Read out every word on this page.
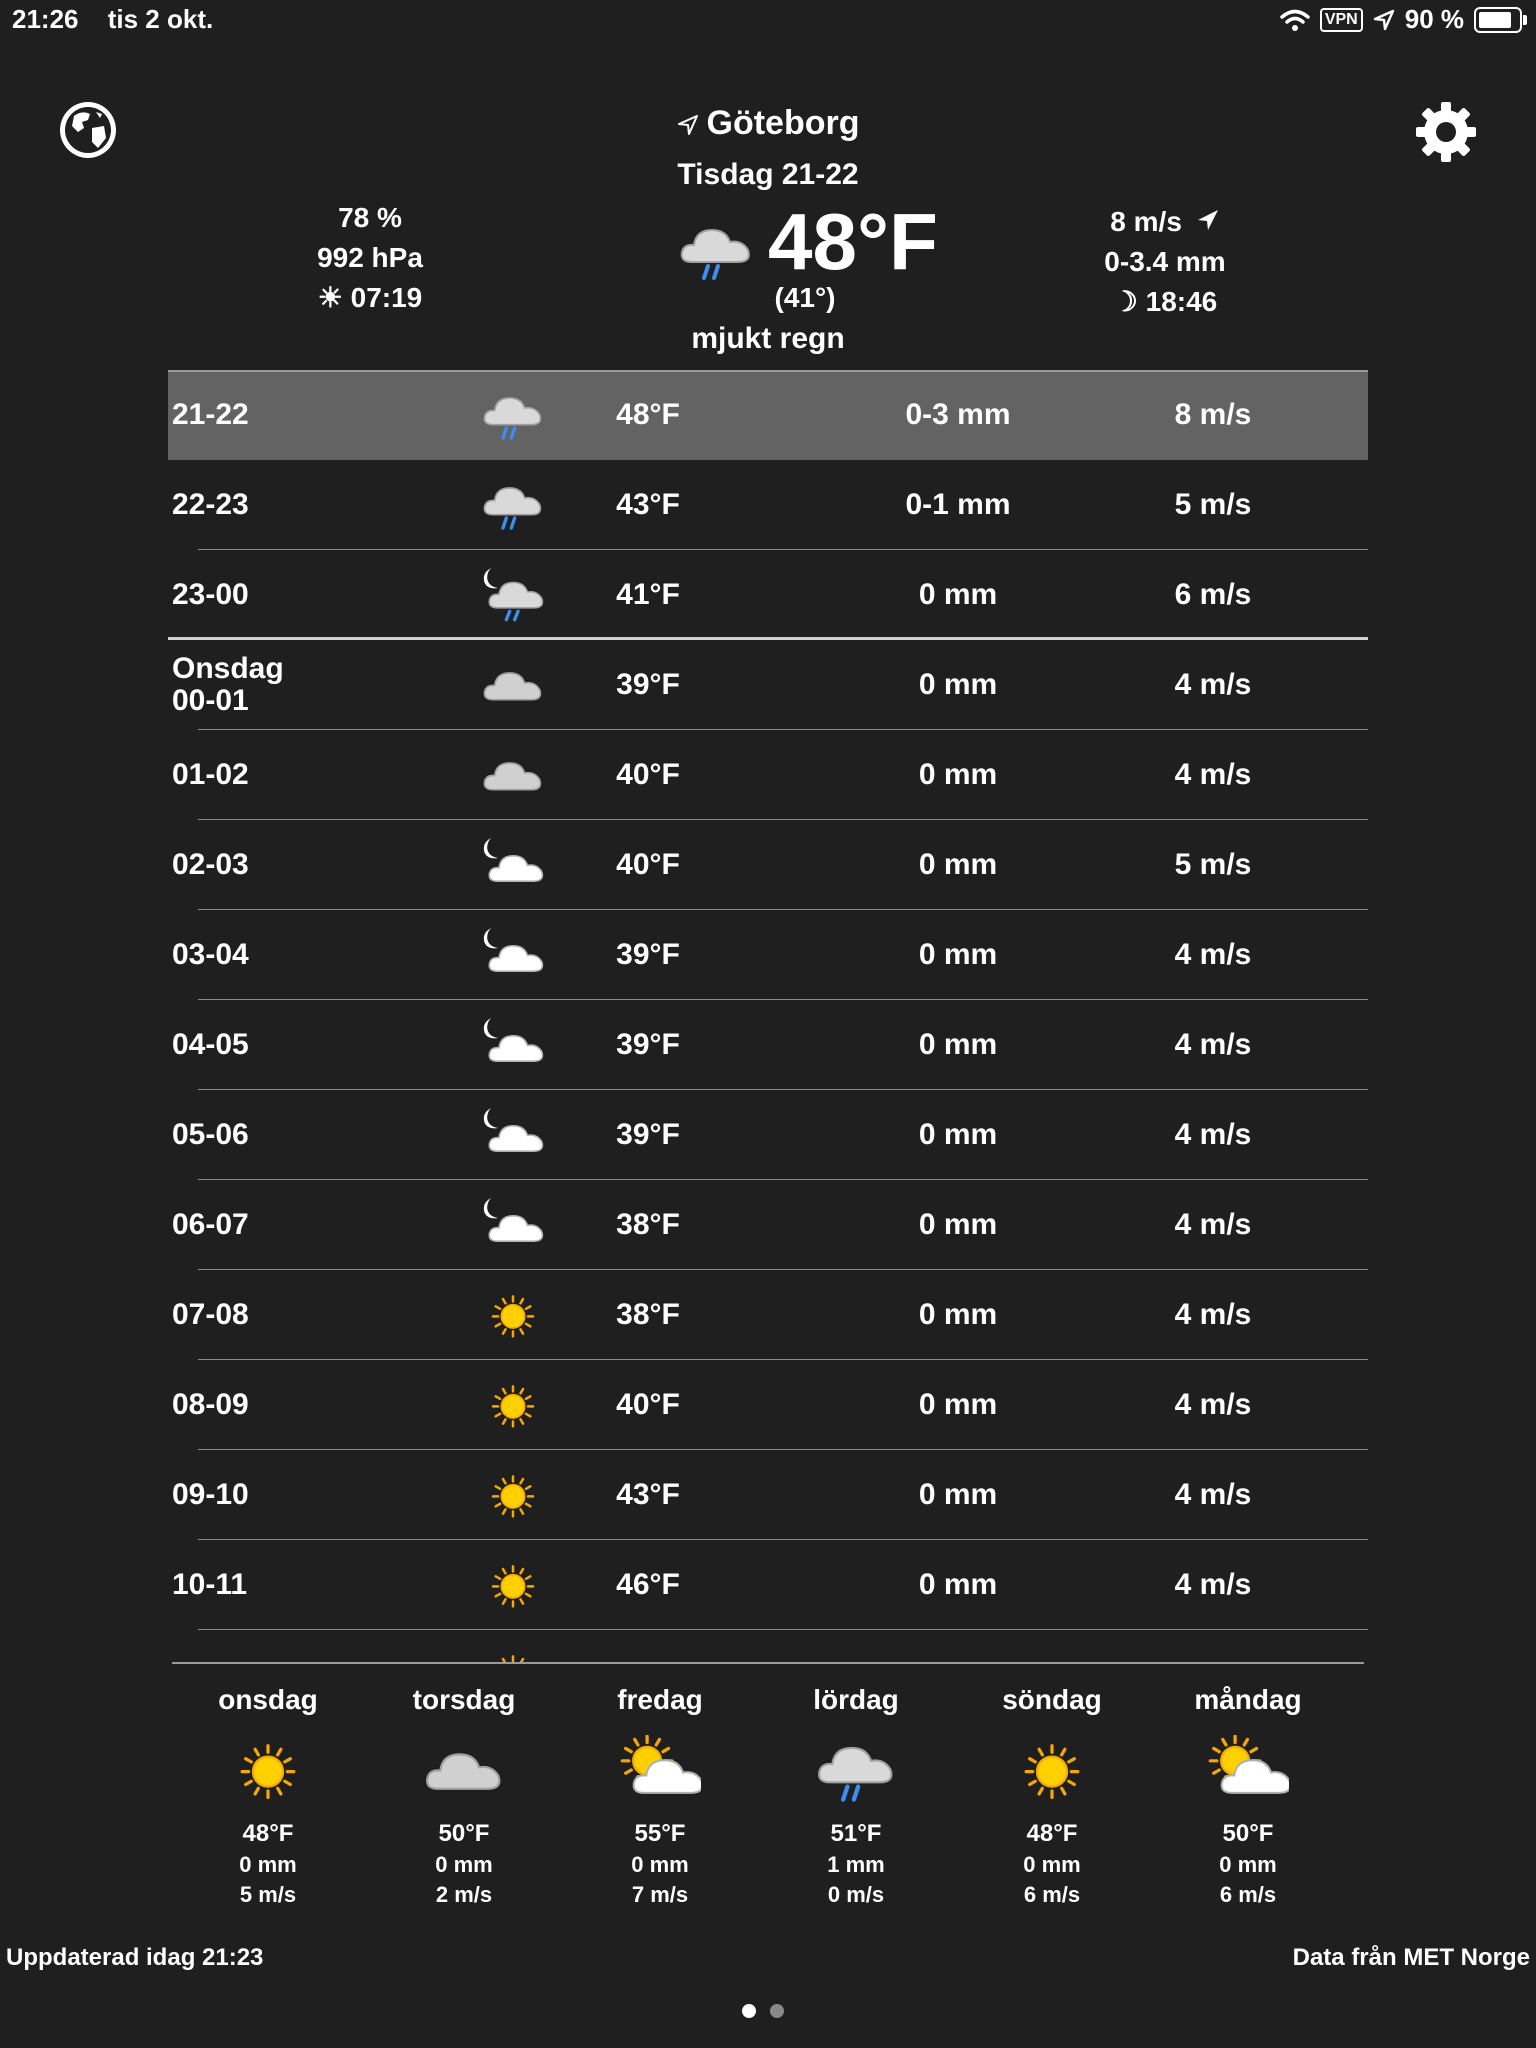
21:26 tis 2 okt.	VPN 90 %
Göteborg
Tisdag 21-22
78 %
992 hPa
☀ 07:19
48°F
(41°)
8 m/s
0-3.4 mm
☽ 18:46
mjukt regn
21-22	48°F	0-3 mm	8 m/s
22-23	43°F	0-1 mm	5 m/s
23-00	41°F	0 mm	6 m/s
Onsdag
00-01	39°F	0 mm	4 m/s
01-02	40°F	0 mm	4 m/s
02-03	40°F	0 mm	5 m/s
03-04	39°F	0 mm	4 m/s
04-05	39°F	0 mm	4 m/s
05-06	39°F	0 mm	4 m/s
06-07	38°F	0 mm	4 m/s
07-08	38°F	0 mm	4 m/s
08-09	40°F	0 mm	4 m/s
09-10	43°F	0 mm	4 m/s
10-11	46°F	0 mm	4 m/s
onsdag
48°F
0 mm
5 m/s
torsdag
50°F
0 mm
2 m/s
fredag
55°F
0 mm
7 m/s
lördag
51°F
1 mm
0 m/s
söndag
48°F
0 mm
6 m/s
måndag
50°F
0 mm
6 m/s
Uppdaterad idag 21:23	Data från MET Norge
